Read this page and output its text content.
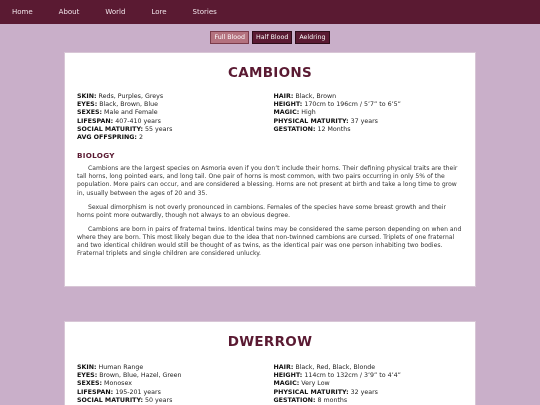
Home	About	World	Lore	Stories
Full Blood	Half Blood	Aeldring
CAMBIONS
SKIN: Reds, Purples, Greys
EYES: Black, Brown, Blue
SEXES: Male and Female
LIFESPAN: 407-410 years
SOCIAL MATURITY: 55 years
AVG OFFSPRING: 2
HAIR: Black, Brown
HEIGHT: 170cm to 196cm / 5’7” to 6’5”
MAGIC: High
PHYSICAL MATURITY: 37 years
GESTATION: 12 Months
BIOLOGY

Cambions are the largest species on Asmoria even if you don’t include their horns. Their defining physical traits are their tall horns, long pointed ears, and long tail. One pair of horns is most common, with two pairs occurring in only 5% of the population. More pairs can occur, and are considered a blessing. Horns are not present at birth and take a long time to grow in, usually between the ages of 20 and 35.

Sexual dimorphism is not overly pronounced in cambions. Females of the species have some breast growth and their horns point more outwardly, though not always to an obvious degree.

Cambions are born in pairs of fraternal twins. Identical twins may be considered the same person depending on when and where they are born. This most likely began due to the idea that non-twinned cambions are cursed. Triplets of one fraternal and two identical children would still be thought of as twins, as the identical pair was one person inhabiting two bodies. Fraternal triplets and single children are considered unlucky.

DWERROW
SKIN: Human Range
EYES: Brown, Blue, Hazel, Green
SEXES: Monosex
LIFESPAN: 195-201 years
SOCIAL MATURITY: 50 years
HAIR: Black, Red, Black, Blonde
HEIGHT: 114cm to 132cm / 3’9” to 4’4”
MAGIC: Very Low
PHYSICAL MATURITY: 32 years
GESTATION: 8 months
